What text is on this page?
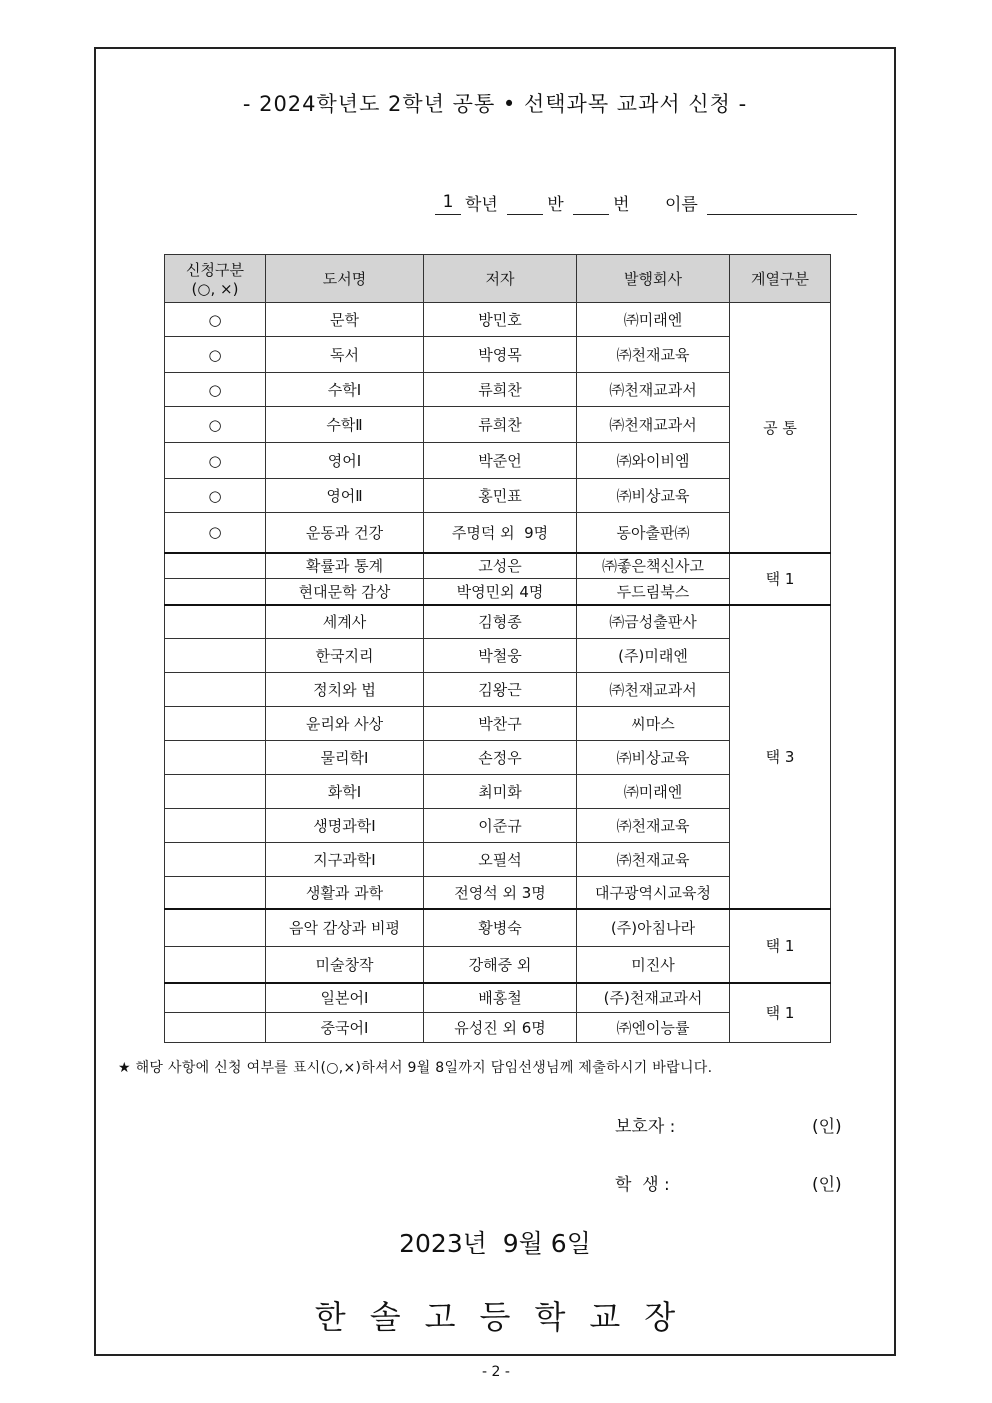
- 2024학년도 2학년 공통 • 선택과목 교과서 신청 -
1 학년	반	번 이름
신청구분
(○, ×)	도서명	저자	발행회사	계열구분
○	문학	방민호	㈜미래엔	공 통
○	독서	박영목	㈜천재교육	
○	수학Ⅰ	류희찬	㈜천재교과서	
○	수학Ⅱ	류희찬	㈜천재교과서	
○	영어Ⅰ	박준언	㈜와이비엠	
○	영어Ⅱ	홍민표	㈜비상교육	
○	운동과 건강	주명덕 외  9명	동아출판㈜	
	확률과 통계	고성은	㈜좋은책신사고	택 1
	현대문학 감상	박영민외 4명	두드림북스	
	세계사	김형종	㈜금성출판사	택 3
	한국지리	박철웅	(주)미래엔	
	정치와 법	김왕근	㈜천재교과서	
	윤리와 사상	박찬구	씨마스	
	물리학Ⅰ	손정우	㈜비상교육	
	화학Ⅰ	최미화	㈜미래엔	
	생명과학Ⅰ	이준규	㈜천재교육	
	지구과학Ⅰ	오필석	㈜천재교육	
	생활과 과학	전영석 외 3명	대구광역시교육청	
	음악 감상과 비평	황병숙	(주)아침나라	택 1
	미술창작	강해중 외	미진사	
	일본어Ⅰ	배홍철	(주)천재교과서	택 1
	중국어Ⅰ	유성진 외 6명	㈜엔이능률	
★ 해당 사항에 신청 여부를 표시(○,×)하셔서 9월 8일까지 담임선생님께 제출하시기 바랍니다.
보호자 :	(인)
학  생 :	(인)
2023년  9월 6일
한솔고등학교장
- 2 -
